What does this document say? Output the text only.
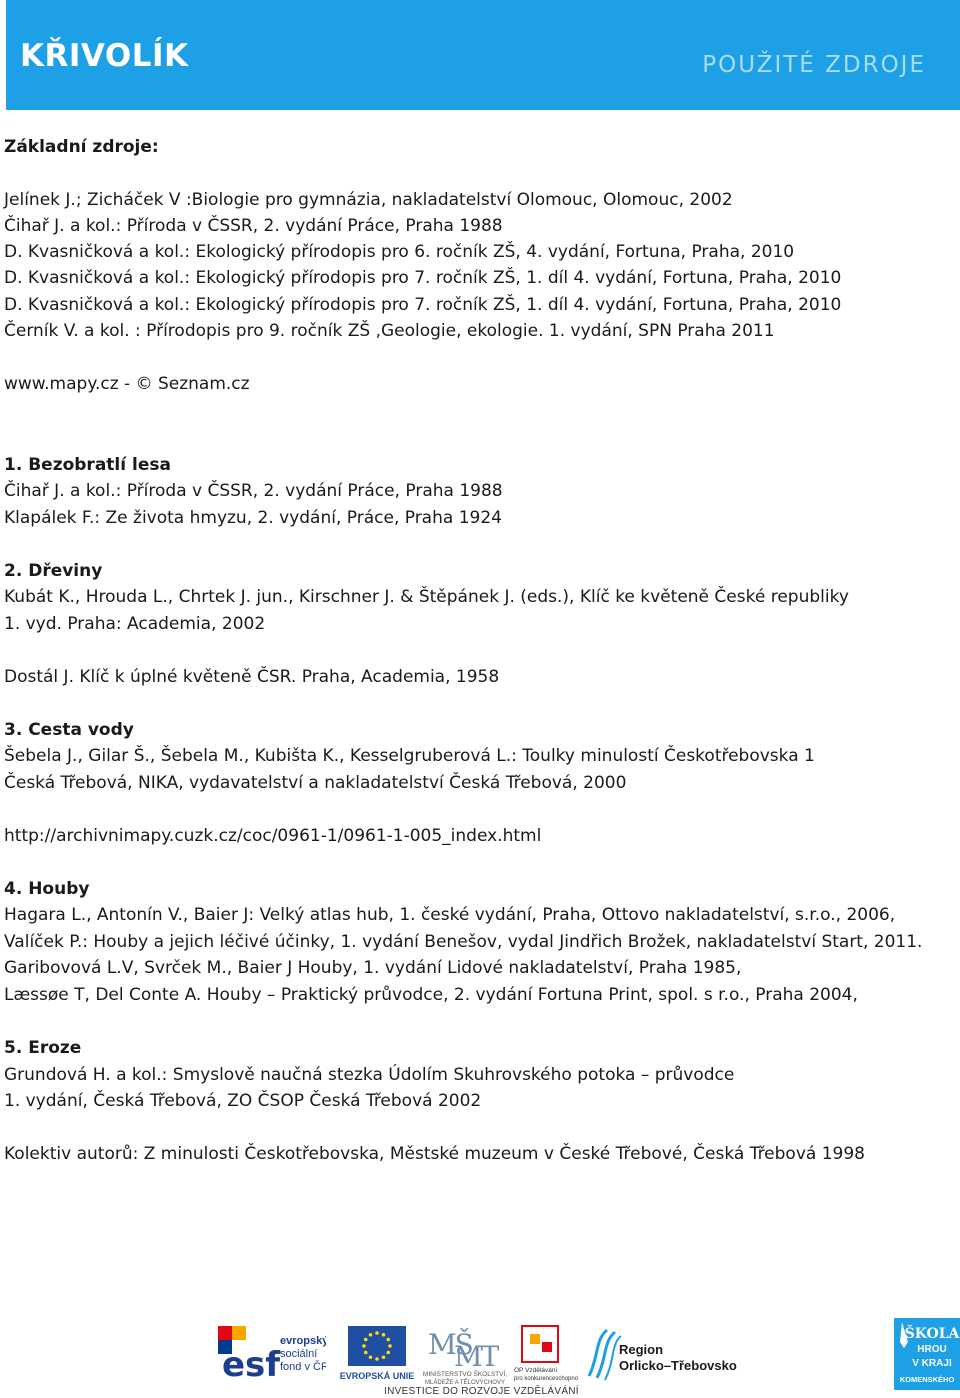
KŘIVOLÍK	POUŽITÉ ZDROJE
Základní zdroje:
Jelínek J.; Zicháček V :Biologie pro gymnázia, nakladatelství Olomouc, Olomouc, 2002
Čihař J. a kol.: Příroda v ČSSR, 2. vydání Práce, Praha 1988
D. Kvasničková a kol.: Ekologický přírodopis pro 6. ročník ZŠ, 4. vydání, Fortuna, Praha, 2010
D. Kvasničková a kol.: Ekologický přírodopis pro 7. ročník ZŠ, 1. díl 4. vydání, Fortuna, Praha, 2010
D. Kvasničková a kol.: Ekologický přírodopis pro 7. ročník ZŠ, 1. díl 4. vydání, Fortuna, Praha, 2010
Černík V. a kol. : Přírodopis pro 9. ročník ZŠ ,Geologie, ekologie. 1. vydání, SPN Praha 2011
www.mapy.cz - © Seznam.cz
1. Bezobratlí lesa
Čihař J. a kol.: Příroda v ČSSR, 2. vydání Práce, Praha 1988
Klapálek F.: Ze života hmyzu, 2. vydání, Práce, Praha 1924
2. Dřeviny
Kubát K., Hrouda L., Chrtek J. jun., Kirschner J. & Štěpánek J. (eds.), Klíč ke květeně České republiky
1. vyd. Praha: Academia, 2002
Dostál J. Klíč k úplné květeně ČSR. Praha, Academia, 1958
3. Cesta vody
Šebela J., Gilar Š., Šebela M., Kubišta K., Kesselgruberová L.: Toulky minulostí Českotřebovska 1
Česká Třebová, NIKA, vydavatelství a nakladatelství Česká Třebová, 2000
http://archivnimapy.cuzk.cz/coc/0961-1/0961-1-005_index.html
4. Houby
Hagara L., Antonín V., Baier J: Velký atlas hub, 1. české vydání, Praha, Ottovo nakladatelství, s.r.o., 2006,
Valíček P.: Houby a jejich léčivé účinky, 1. vydání Benešov, vydal Jindřich Brožek, nakladatelství Start, 2011.
Garibovová L.V, Svrček M., Baier J Houby, 1. vydání Lidové nakladatelství, Praha 1985,
Læssøe T, Del Conte A. Houby – Praktický průvodce, 2. vydání Fortuna Print, spol. s r.o., Praha 2004,
5. Eroze
Grundová H. a kol.: Smyslově naučná stezka Údolím Skuhrovského potoka – průvodce
1. vydání, Česká Třebová, ZO ČSOP Česká Třebová 2002
Kolektiv autorů: Z minulosti Českotřebovska, Městské muzeum v České Třebové, Česká Třebová 1998
esf
evropský
sociální
fond v ČR
EVROPSKÁ UNIE
MŠ
MT
MINISTERSTVO ŠKOLSTVÍ,
MLÁDEŽE A TĚLOVÝCHOVY
OP Vzdělávání
pro konkurenceschopnost
Region
Orlicko–Třebovsko
ŠKOLA
HROU
V KRAJI
KOMENSKÉHO
INVESTICE DO ROZVOJE VZDĚLÁVÁNÍ
